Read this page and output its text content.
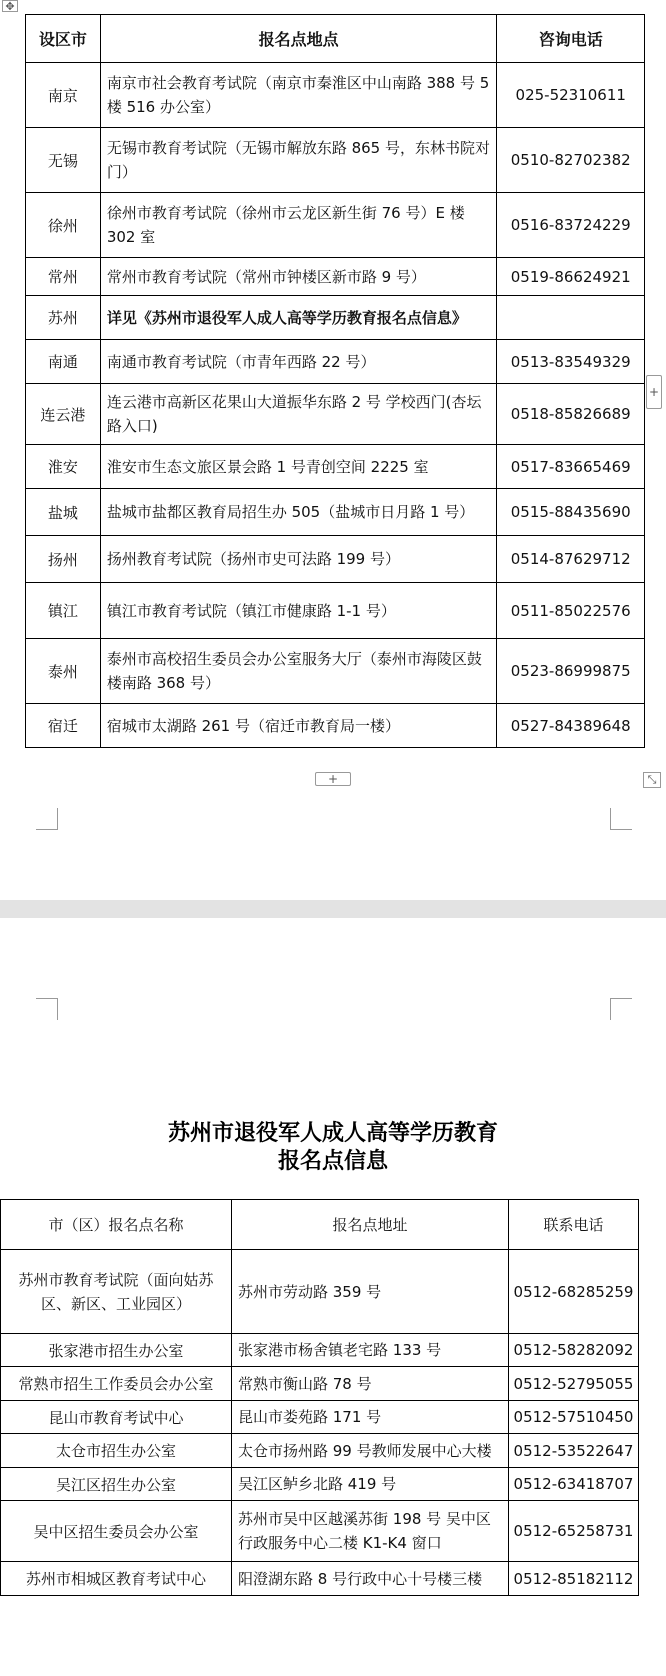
✥
设区市	报名点地点	咨询电话
南京	南京市社会教育考试院（南京市秦淮区中山南路 388 号 5 楼 516 办公室）	025-52310611
无锡	无锡市教育考试院（无锡市解放东路 865 号，东林书院对门）	0510-82702382
徐州	徐州市教育考试院（徐州市云龙区新生街 76 号）E 楼 302 室	0516-83724229
常州	常州市教育考试院（常州市钟楼区新市路 9 号）	0519-86624921
苏州	详见《苏州市退役军人成人高等学历教育报名点信息》	
南通	南通市教育考试院（市青年西路 22 号）	0513-83549329
连云港	连云港市高新区花果山大道振华东路 2 号 学校西门(杏坛路入口)	0518-85826689
淮安	淮安市生态文旅区景会路 1 号青创空间 2225 室	0517-83665469
盐城	盐城市盐都区教育局招生办 505（盐城市日月路 1 号）	0515-88435690
扬州	扬州教育考试院（扬州市史可法路 199 号）	0514-87629712
镇江	镇江市教育考试院（镇江市健康路 1-1 号）	0511-85022576
泰州	泰州市高校招生委员会办公室服务大厅（泰州市海陵区鼓楼南路 368 号）	0523-86999875
宿迁	宿城市太湖路 261 号（宿迁市教育局一楼）	0527-84389648
+
+	⤡
苏州市退役军人成人高等学历教育
报名点信息
市（区）报名点名称	报名点地址	联系电话
苏州市教育考试院（面向姑苏区、新区、工业园区）	苏州市劳动路 359 号	0512-68285259
张家港市招生办公室	张家港市杨舍镇老宅路 133 号	0512-58282092
常熟市招生工作委员会办公室	常熟市衡山路 78 号	0512-52795055
昆山市教育考试中心	昆山市娄苑路 171 号	0512-57510450
太仓市招生办公室	太仓市扬州路 99 号教师发展中心大楼	0512-53522647
吴江区招生办公室	吴江区鲈乡北路 419 号	0512-63418707
吴中区招生委员会办公室	苏州市吴中区越溪苏街 198 号 吴中区行政服务中心二楼 K1-K4 窗口	0512-65258731
苏州市相城区教育考试中心	阳澄湖东路 8 号行政中心十号楼三楼	0512-85182112
